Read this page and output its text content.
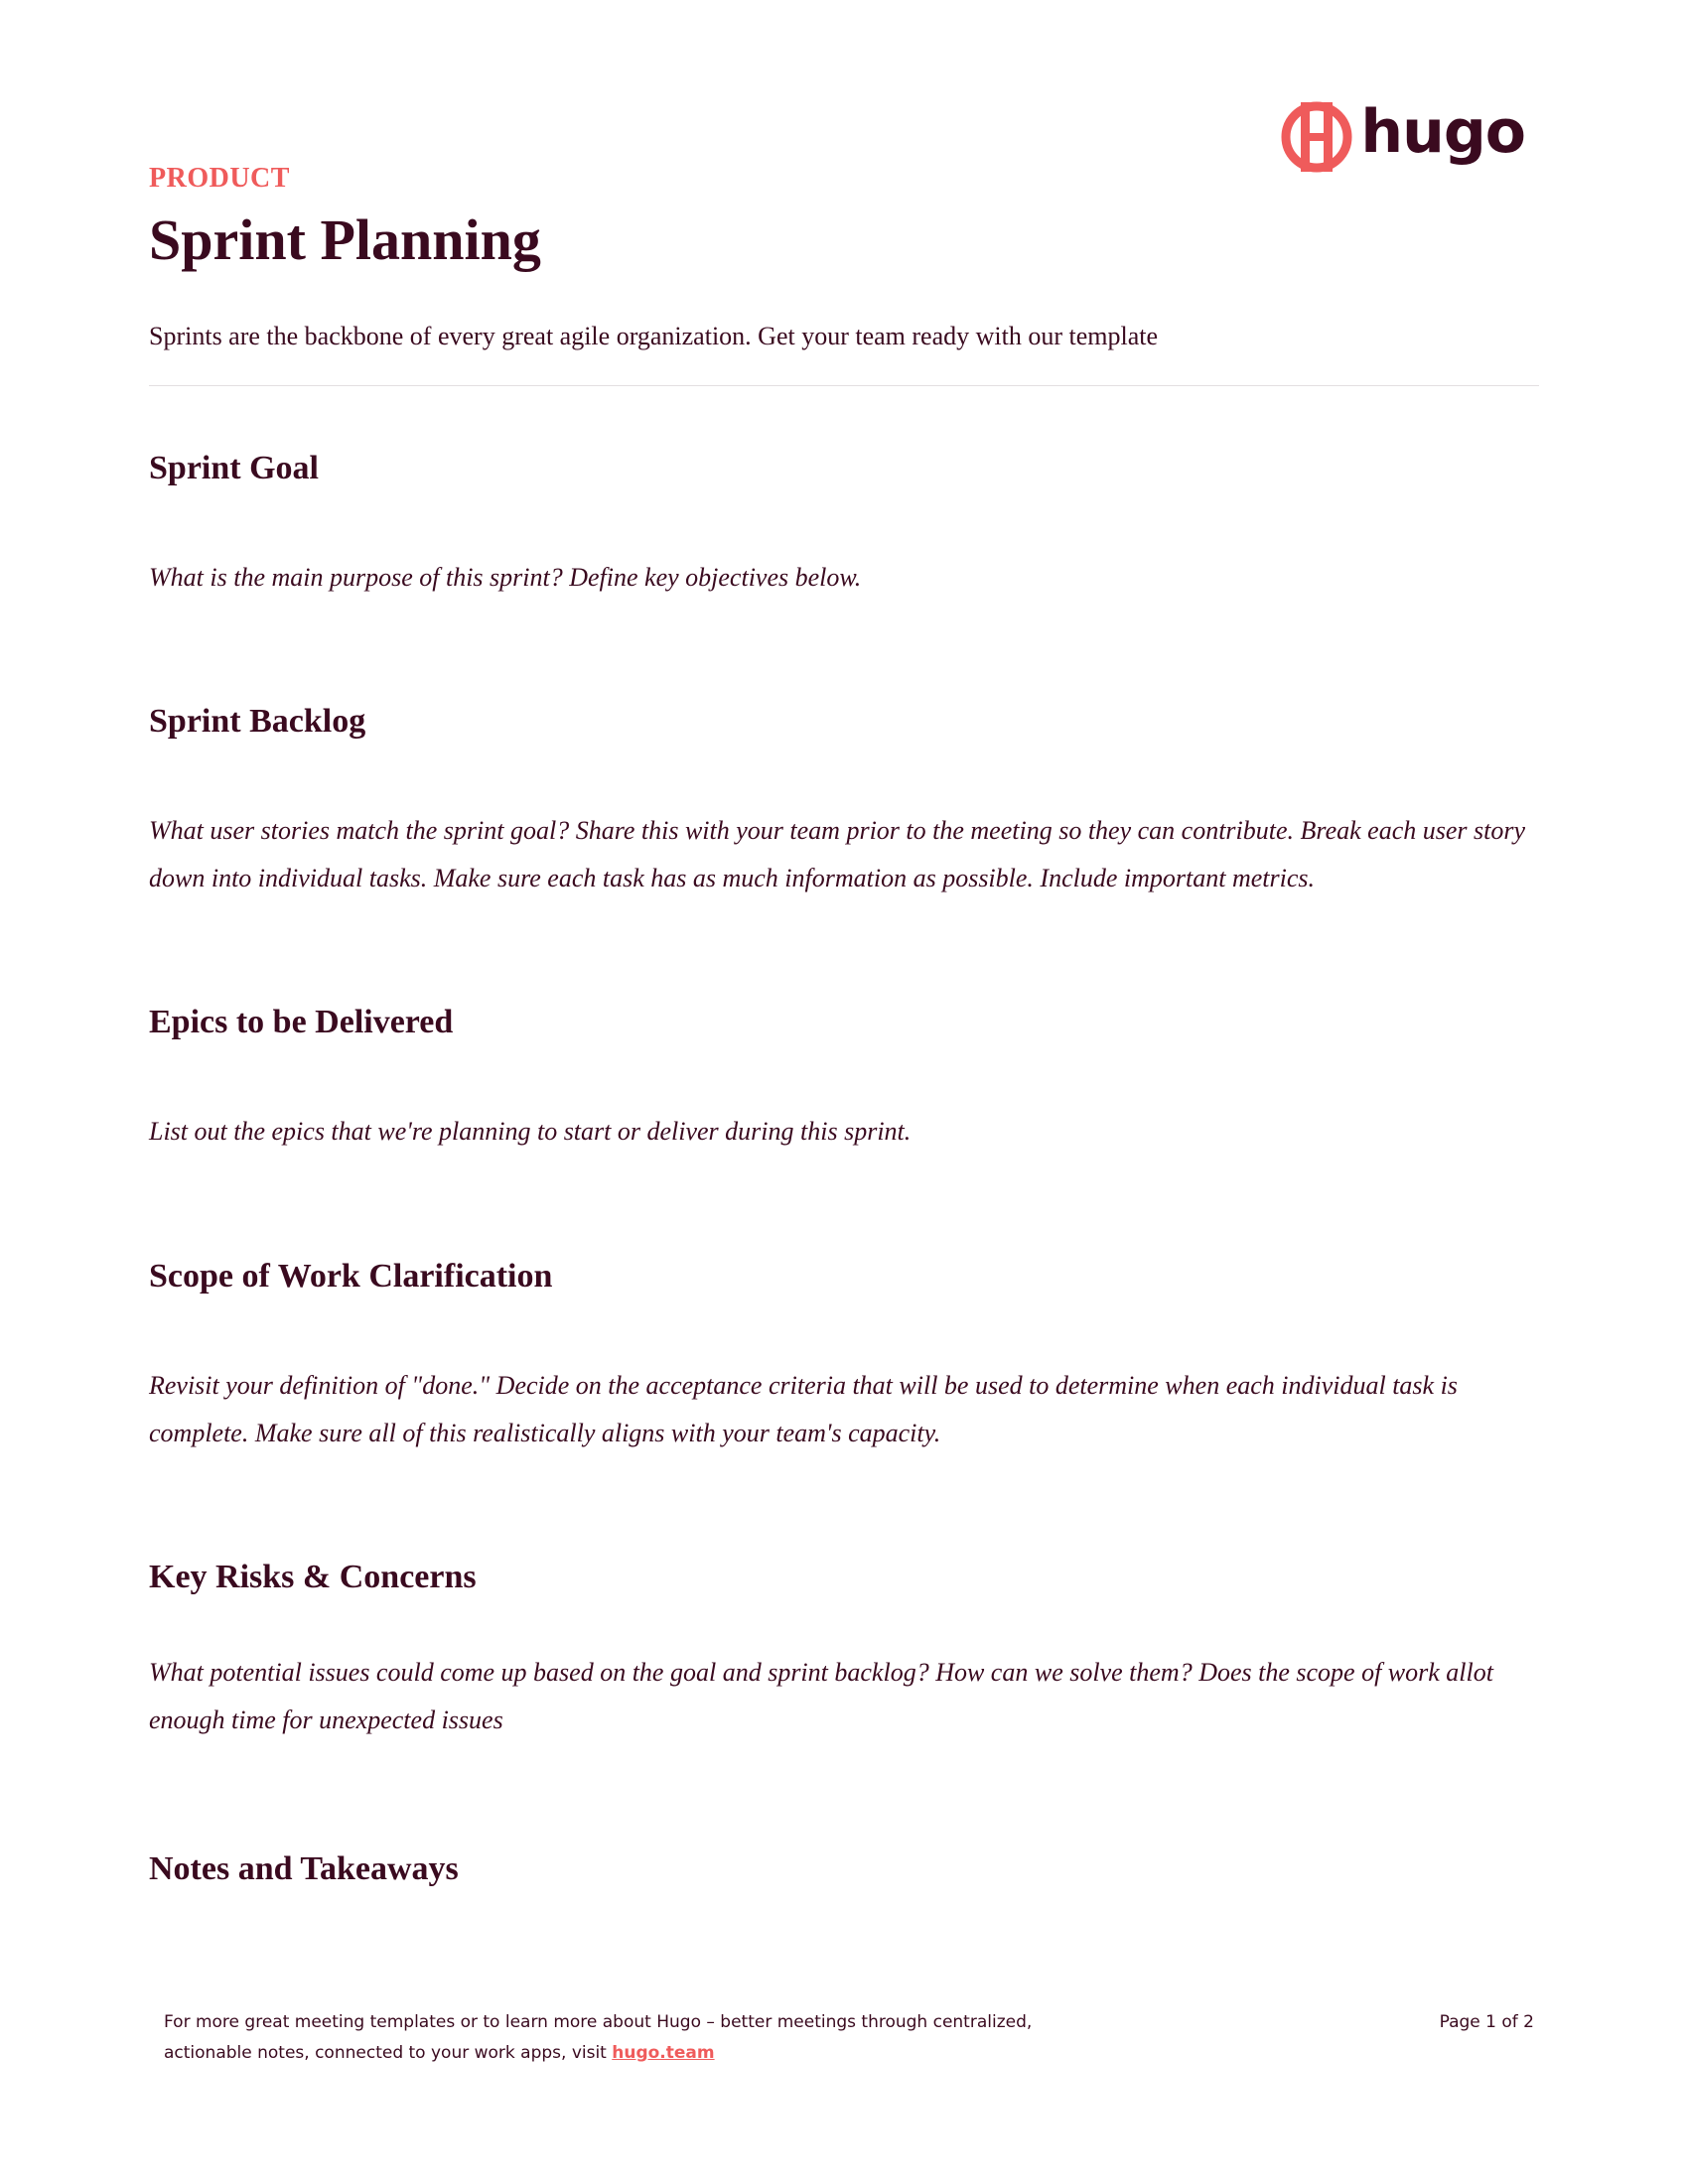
hugo
PRODUCT
Sprint Planning
Sprints are the backbone of every great agile organization. Get your team ready with our template
Sprint Goal

What is the main purpose of this sprint? Define key objectives below.

Sprint Backlog

What user stories match the sprint goal? Share this with your team prior to the meeting so they can contribute. Break each user story down into individual tasks. Make sure each task has as much information as possible. Include important metrics.

Epics to be Delivered

List out the epics that we're planning to start or deliver during this sprint.

Scope of Work Clarification

Revisit your definition of "done." Decide on the acceptance criteria that will be used to determine when each individual task is complete. Make sure all of this realistically aligns with your team's capacity.

Key Risks & Concerns

What potential issues could come up based on the goal and sprint backlog? How can we solve them? Does the scope of work allot enough time for unexpected issues

Notes and Takeaways
For more great meeting templates or to learn more about Hugo – better meetings through centralized, actionable notes, connected to your work apps, visit hugo.team
Page 1 of 2
